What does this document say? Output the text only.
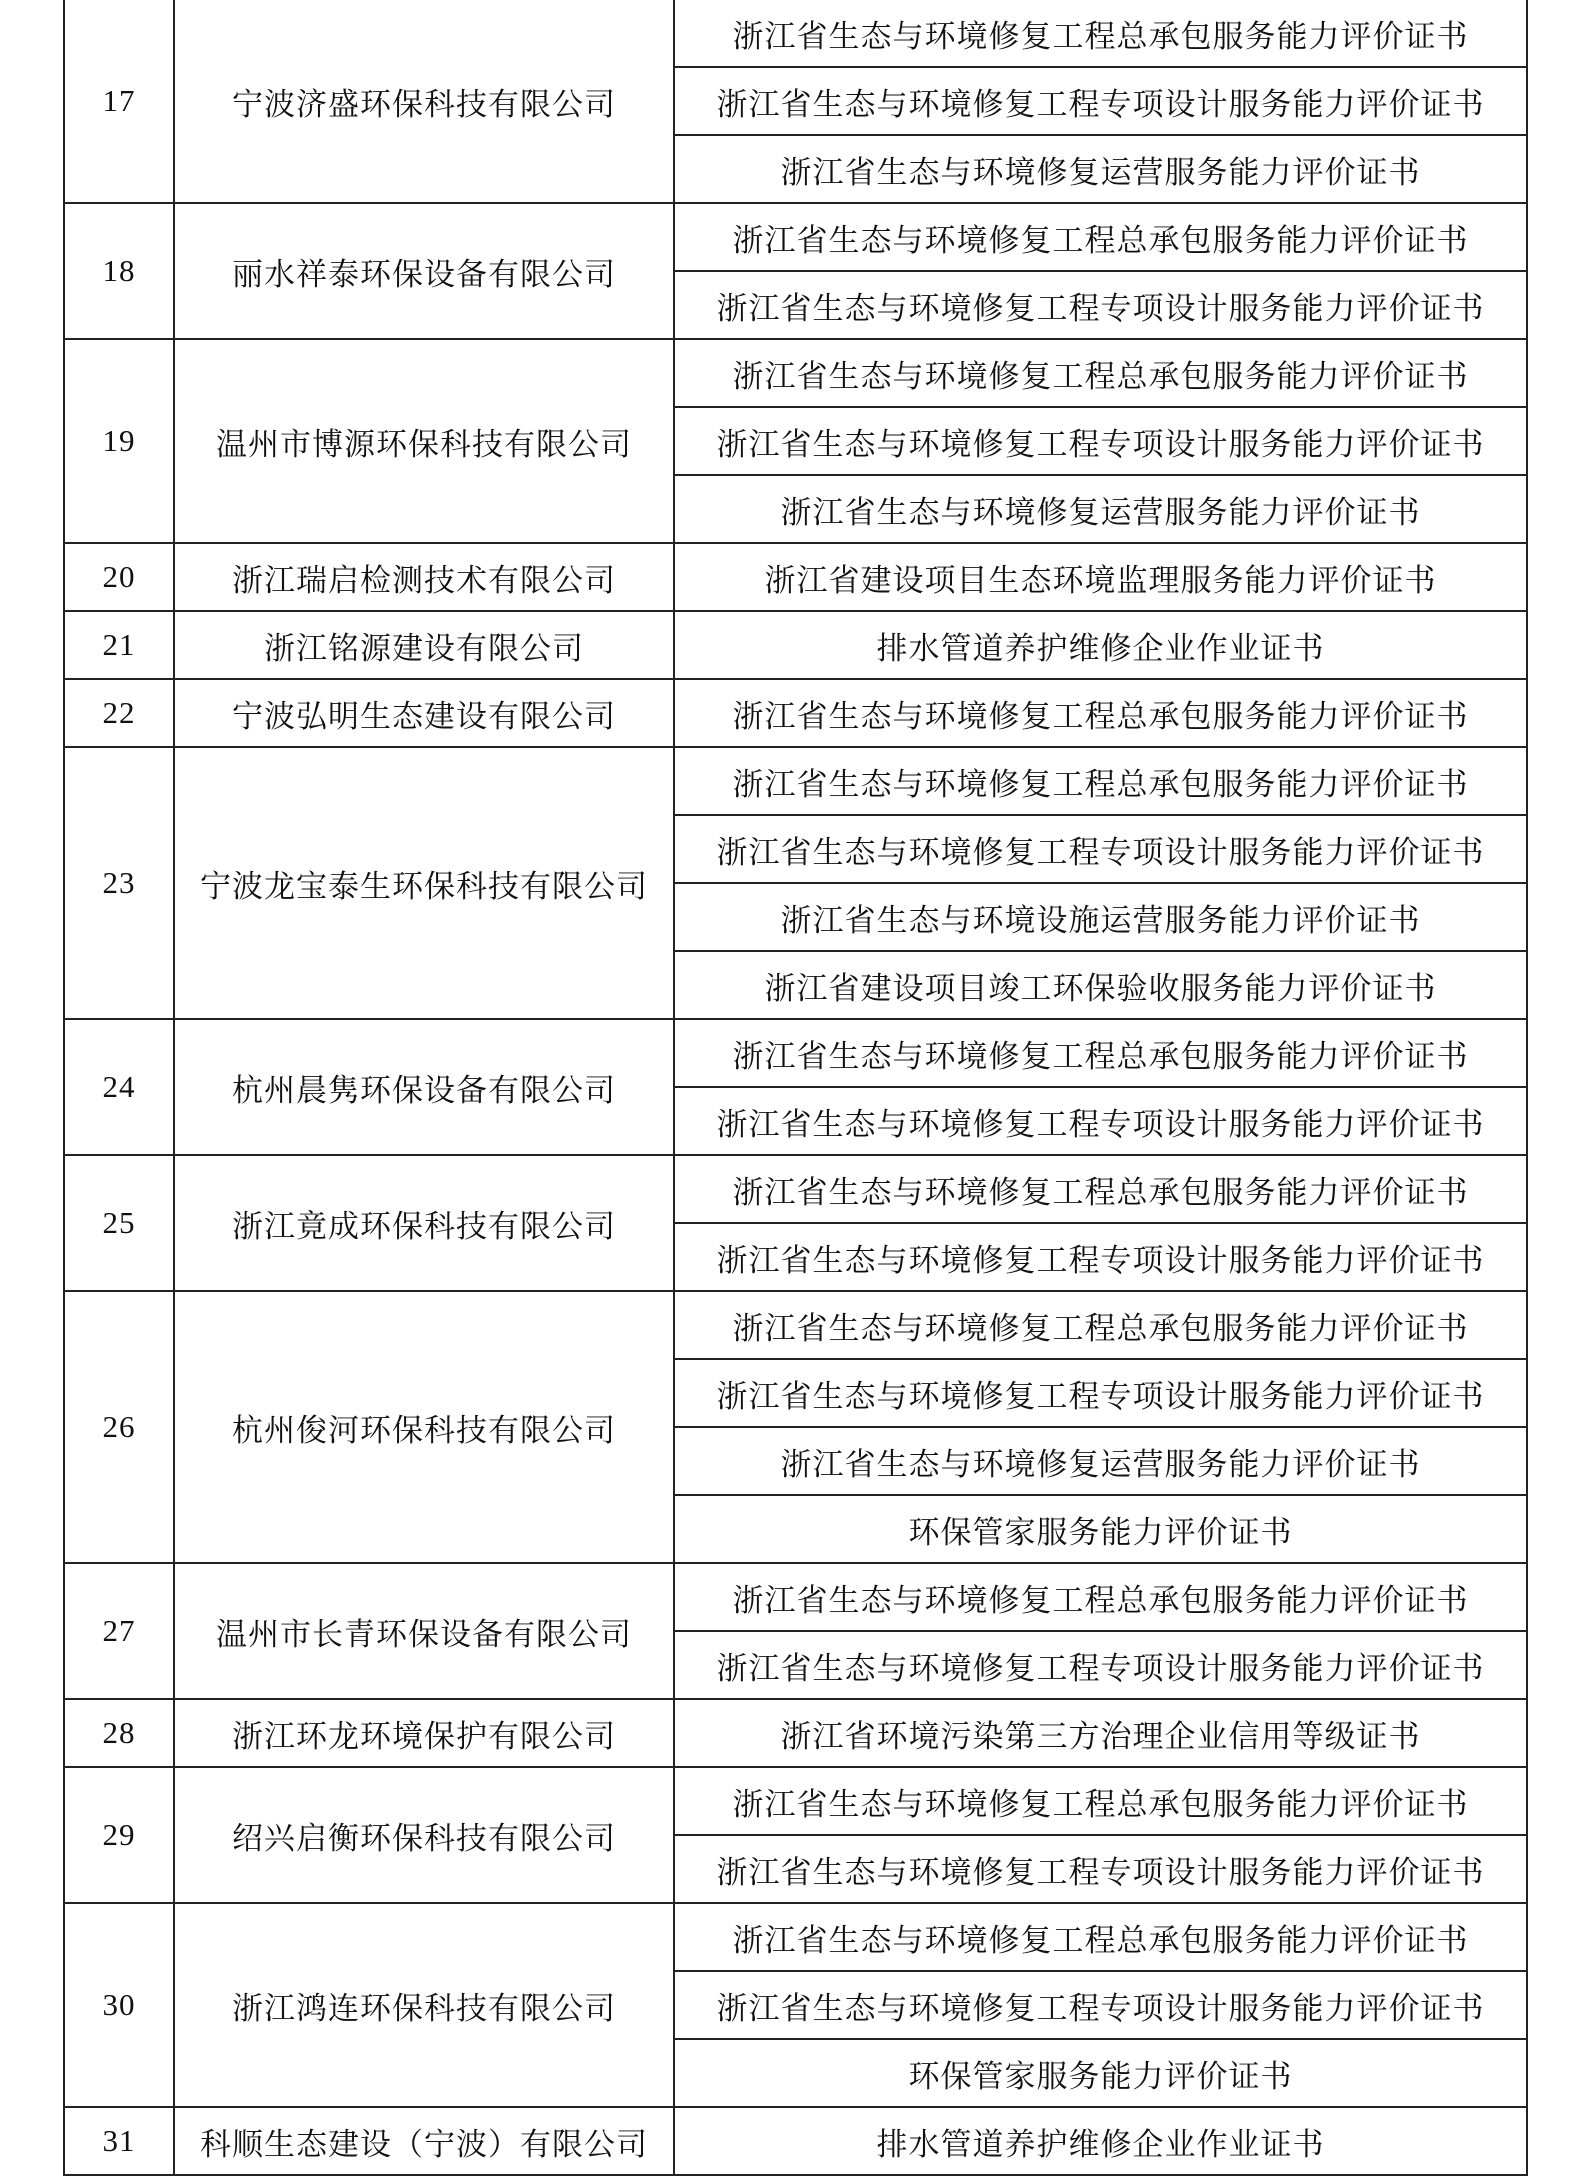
17	宁波济盛环保科技有限公司	浙江省生态与环境修复工程总承包服务能力评价证书
		浙江省生态与环境修复工程专项设计服务能力评价证书
		浙江省生态与环境修复运营服务能力评价证书
18	丽水祥泰环保设备有限公司	浙江省生态与环境修复工程总承包服务能力评价证书
		浙江省生态与环境修复工程专项设计服务能力评价证书
19	温州市博源环保科技有限公司	浙江省生态与环境修复工程总承包服务能力评价证书
		浙江省生态与环境修复工程专项设计服务能力评价证书
		浙江省生态与环境修复运营服务能力评价证书
20	浙江瑞启检测技术有限公司	浙江省建设项目生态环境监理服务能力评价证书
21	浙江铭源建设有限公司	排水管道养护维修企业作业证书
22	宁波弘明生态建设有限公司	浙江省生态与环境修复工程总承包服务能力评价证书
23	宁波龙宝泰生环保科技有限公司	浙江省生态与环境修复工程总承包服务能力评价证书
		浙江省生态与环境修复工程专项设计服务能力评价证书
		浙江省生态与环境设施运营服务能力评价证书
		浙江省建设项目竣工环保验收服务能力评价证书
24	杭州晨隽环保设备有限公司	浙江省生态与环境修复工程总承包服务能力评价证书
		浙江省生态与环境修复工程专项设计服务能力评价证书
25	浙江竟成环保科技有限公司	浙江省生态与环境修复工程总承包服务能力评价证书
		浙江省生态与环境修复工程专项设计服务能力评价证书
26	杭州俊河环保科技有限公司	浙江省生态与环境修复工程总承包服务能力评价证书
		浙江省生态与环境修复工程专项设计服务能力评价证书
		浙江省生态与环境修复运营服务能力评价证书
		环保管家服务能力评价证书
27	温州市长青环保设备有限公司	浙江省生态与环境修复工程总承包服务能力评价证书
		浙江省生态与环境修复工程专项设计服务能力评价证书
28	浙江环龙环境保护有限公司	浙江省环境污染第三方治理企业信用等级证书
29	绍兴启衡环保科技有限公司	浙江省生态与环境修复工程总承包服务能力评价证书
		浙江省生态与环境修复工程专项设计服务能力评价证书
30	浙江鸿连环保科技有限公司	浙江省生态与环境修复工程总承包服务能力评价证书
		浙江省生态与环境修复工程专项设计服务能力评价证书
		环保管家服务能力评价证书
31	科顺生态建设（宁波）有限公司	排水管道养护维修企业作业证书
